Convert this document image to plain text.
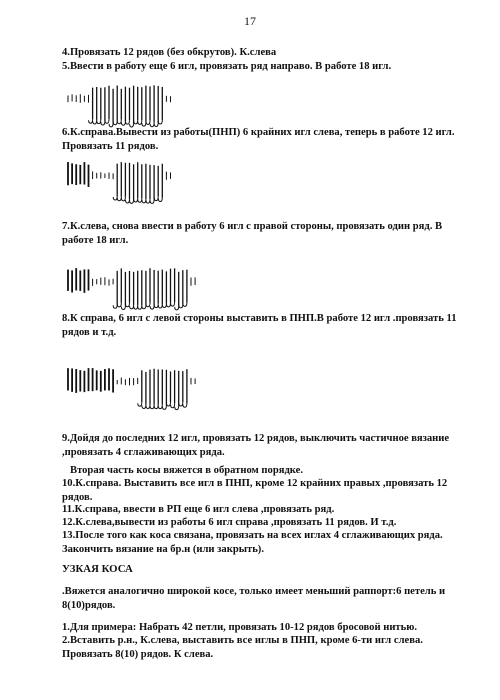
17

4.Провязать 12 рядов (без обкрутов). К.слева

5.Ввести в работу еще 6 игл, провязать ряд направо. В работе 18 игл.

6.К.справа.Вывести из работы(ПНП) 6 крайних игл слева, теперь в работе 12 игл. Провязать 11 рядов.

7.К.слева, снова ввести в работу 6 игл с правой стороны, провязать один ряд. В работе 18 игл.

8.К справа, 6 игл с левой стороны выставить в ПНП.В работе 12 игл .провязать 11 рядов и т.д.

9.Дойдя до последних 12 игл, провязать 12 рядов, выключить частичное вязание ,провязать 4 сглаживающих ряда.

Вторая часть косы вяжется в обратном порядке.

10.К.справа. Выставить все игл в ПНП, кроме 12 крайних правых ,провязать 12 рядов.

11.К.справа, ввести в РП еще 6 игл слева ,провязать ряд.

12.К.слева,вывести из работы 6 игл справа ,провязать 11 рядов. И т.д.

13.После того как коса связана, провязать на всех иглах 4 сглаживающих ряда. Закончить вязание на бр.н (или закрыть).

УЗКАЯ КОСА

.Вяжется аналогично широкой косе, только имеет меньший раппорт:6 петель и 8(10)рядов.

1.Для примера: Набрать 42 петли, провязать 10-12 рядов бросовой нитью.

2.Вставить р.н., К.слева, выставить все иглы в ПНП, кроме 6-ти игл слева. Провязать 8(10) рядов. К слева.
